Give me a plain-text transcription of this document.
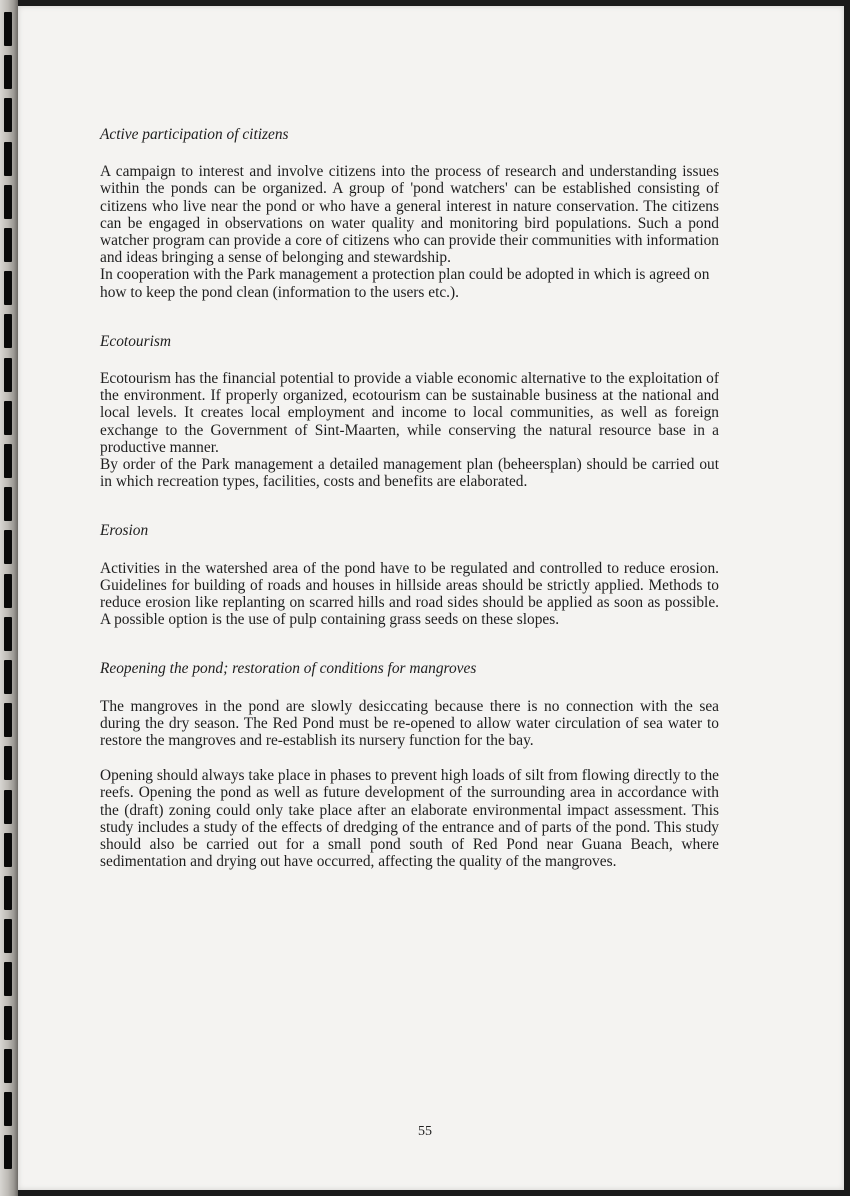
Active participation of citizens

A campaign to interest and involve citizens into the process of research and understanding issues within the ponds can be organized. A group of 'pond watchers' can be established consisting of citizens who live near the pond or who have a general interest in nature conservation. The citizens can be engaged in observations on water quality and monitoring bird populations. Such a pond watcher program can provide a core of citizens who can provide their communities with information and ideas bringing a sense of belonging and stewardship.

In cooperation with the Park management a protection plan could be adopted in which is agreed on how to keep the pond clean (information to the users etc.).

Ecotourism

Ecotourism has the financial potential to provide a viable economic alternative to the exploitation of the environment. If properly organized, ecotourism can be sustainable business at the national and local levels. It creates local employment and income to local communities, as well as foreign exchange to the Government of Sint-Maarten, while conserving the natural resource base in a productive manner.

By order of the Park management a detailed management plan (beheersplan) should be carried out in which recreation types, facilities, costs and benefits are elaborated.

Erosion

Activities in the watershed area of the pond have to be regulated and controlled to reduce erosion. Guidelines for building of roads and houses in hillside areas should be strictly applied. Methods to reduce erosion like replanting on scarred hills and road sides should be applied as soon as possible. A possible option is the use of pulp containing grass seeds on these slopes.

Reopening the pond; restoration of conditions for mangroves

The mangroves in the pond are slowly desiccating because there is no connection with the sea during the dry season. The Red Pond must be re-opened to allow water circulation of sea water to restore the mangroves and re-establish its nursery function for the bay.

Opening should always take place in phases to prevent high loads of silt from flowing directly to the reefs. Opening the pond as well as future development of the surrounding area in accordance with the (draft) zoning could only take place after an elaborate environmental impact assessment. This study includes a study of the effects of dredging of the entrance and of parts of the pond. This study should also be carried out for a small pond south of Red Pond near Guana Beach, where sedimentation and drying out have occurred, affecting the quality of the mangroves.

55
